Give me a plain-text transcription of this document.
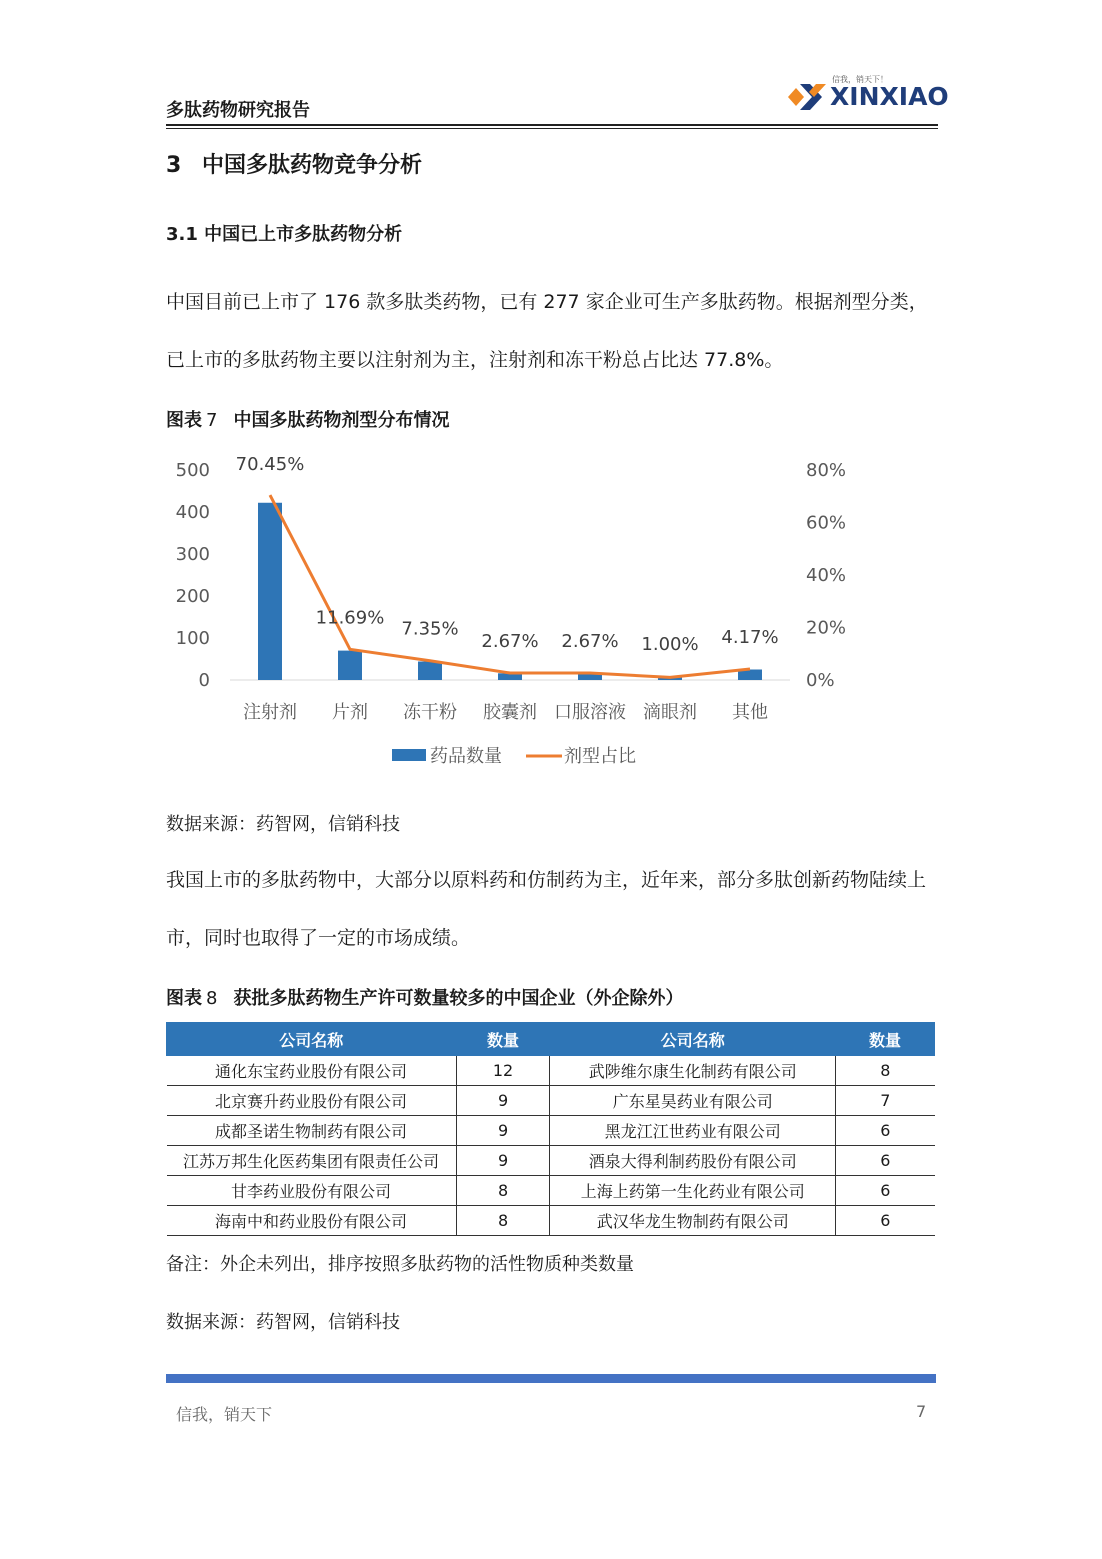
多肽药物研究报告
信我，销天下！
XINXIAO
3 中国多肽药物竞争分析
3.1 中国已上市多肽药物分析
中国目前已上市了 176 款多肽类药物，已有 277 家企业可生产多肽药物。根据剂型分类，
已上市的多肽药物主要以注射剂为主，注射剂和冻干粉总占比达 77.8%。
图表 7 中国多肽药物剂型分布情况
500
400
300
200
100
0
80%
60%
40%
20%
0%
注射剂 片剂 冻干粉 胶囊剂 口服溶液 滴眼剂 其他
70.45%
11.69%
7.35%
2.67% 2.67% 1.00% 4.17%
药品数量	剂型占比
数据来源：药智网，信销科技
我国上市的多肽药物中，大部分以原料药和仿制药为主，近年来，部分多肽创新药物陆续上
市，同时也取得了一定的市场成绩。
图表 8 获批多肽药物生产许可数量较多的中国企业（外企除外）
公司名称	数量	公司名称	数量
通化东宝药业股份有限公司	12	武陟维尔康生化制药有限公司	8
北京赛升药业股份有限公司	9	广东星昊药业有限公司	7
成都圣诺生物制药有限公司	9	黑龙江江世药业有限公司	6
江苏万邦生化医药集团有限责任公司	9	酒泉大得利制药股份有限公司	6
甘李药业股份有限公司	8	上海上药第一生化药业有限公司	6
海南中和药业股份有限公司	8	武汉华龙生物制药有限公司	6
备注：外企未列出，排序按照多肽药物的活性物质种类数量
数据来源：药智网，信销科技
信我，销天下	7
